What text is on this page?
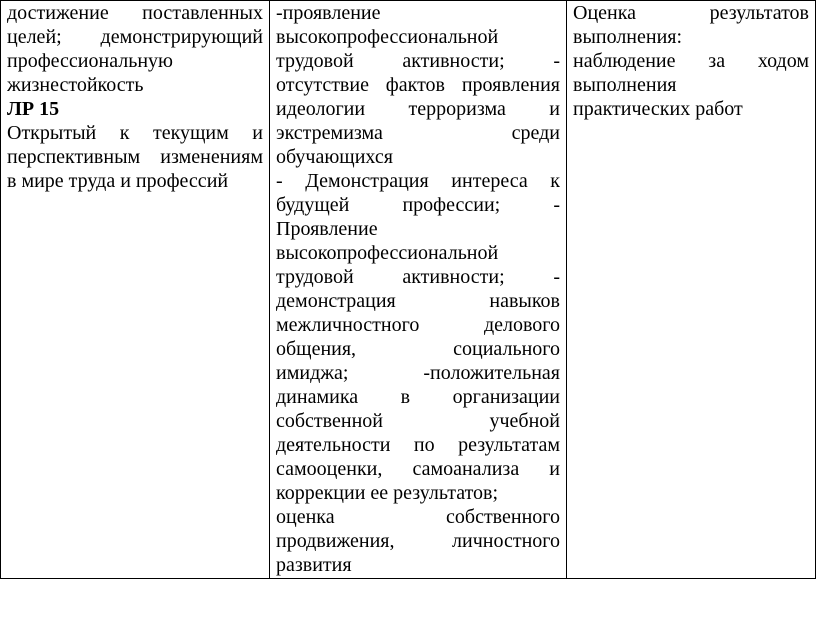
достижение поставленных
целей; демонстрирующий
профессиональную
жизнестойкость
ЛР 15
Открытый к текущим и
перспективным изменениям
в мире труда и профессий

-проявление
высокопрофессиональной
трудовой активности; -
отсутствие фактов проявления
идеологии терроризма и
экстремизма среди
обучающихся
- Демонстрация интереса к
будущей профессии; -
Проявление
высокопрофессиональной
трудовой активности; -
демонстрация навыков
межличностного делового
общения, социального
имиджа; -положительная
динамика в организации
собственной учебной
деятельности по результатам
самооценки, самоанализа и
коррекции ее результатов;
оценка собственного
продвижения, личностного
развития

Оценка результатов
выполнения:
наблюдение за ходом
выполнения
практических работ
